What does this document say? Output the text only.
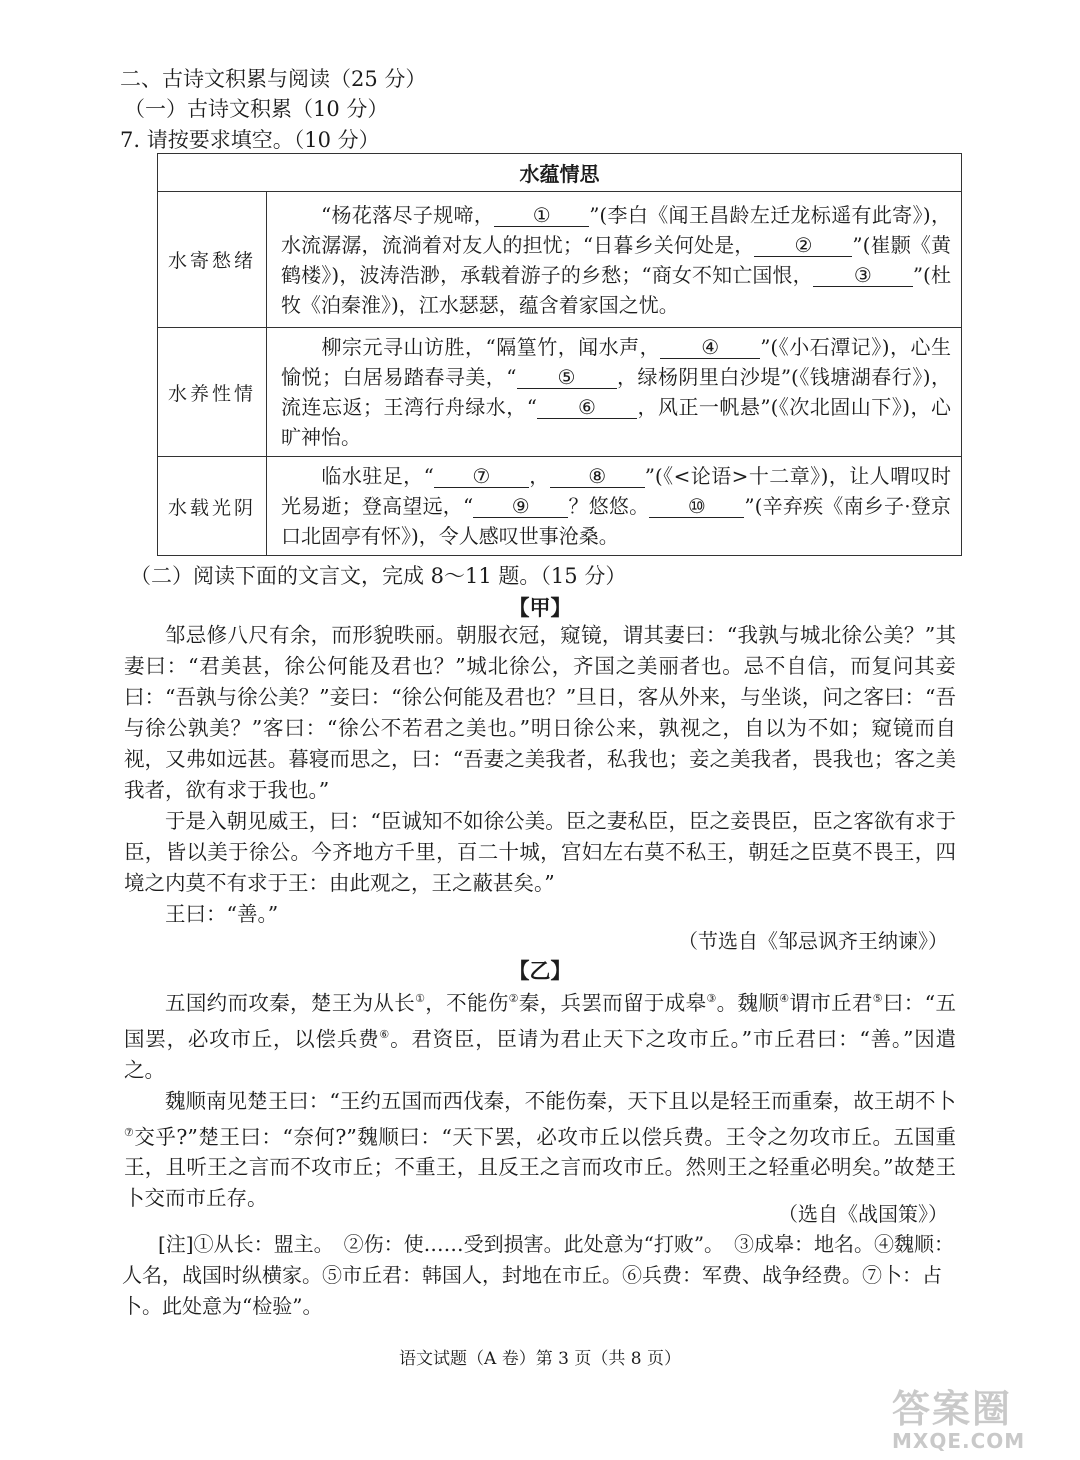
二、古诗文积累与阅读（25 分）
（一）古诗文积累（10 分）
7. 请按要求填空。（10 分）
水蕴情思	
水寄愁绪	“杨花落尽子规啼， ① ”(李白《闻王昌龄左迁龙标遥有此寄》)，水流潺潺，流淌着对友人的担忧；“日暮乡关何处是， ② ”(崔颢《黄鹤楼》)，波涛浩渺，承载着游子的乡愁；“商女不知亡国恨， ③ ”(杜牧《泊秦淮》)，江水瑟瑟，蕴含着家国之忧。
水养性情	柳宗元寻山访胜，“隔篁竹，闻水声， ④ ”(《小石潭记》)，心生愉悦；白居易踏春寻美，“ ⑤ ，绿杨阴里白沙堤”(《钱塘湖春行》)，流连忘返；王湾行舟绿水，“ ⑥ ，风正一帆悬”(《次北固山下》)，心旷神怡。
水载光阴	临水驻足，“ ⑦ ， ⑧ ”(《<论语>十二章》)，让人喟叹时光易逝；登高望远，“ ⑨ ？悠悠。 ⑩ ”(辛弃疾《南乡子·登京口北固亭有怀》)，令人感叹世事沧桑。
（二）阅读下面的文言文，完成 8～11 题。（15 分）
【甲】

邹忌修八尺有余，而形貌昳丽。朝服衣冠，窥镜，谓其妻曰：“我孰与城北徐公美？”其妻曰：“君美甚，徐公何能及君也？”城北徐公，齐国之美丽者也。忌不自信，而复问其妾曰：“吾孰与徐公美？”妾曰：“徐公何能及君也？”旦日，客从外来，与坐谈，问之客曰：“吾与徐公孰美？”客曰：“徐公不若君之美也。”明日徐公来，孰视之，自以为不如；窥镜而自视，又弗如远甚。暮寝而思之，曰：“吾妻之美我者，私我也；妾之美我者，畏我也；客之美我者，欲有求于我也。”

于是入朝见威王，曰：“臣诚知不如徐公美。臣之妻私臣，臣之妾畏臣，臣之客欲有求于臣，皆以美于徐公。今齐地方千里，百二十城，宫妇左右莫不私王，朝廷之臣莫不畏王，四境之内莫不有求于王：由此观之，王之蔽甚矣。”

王曰：“善。”

（节选自《邹忌讽齐王纳谏》）
【乙】

五国约而攻秦，楚王为从长①，不能伤②秦，兵罢而留于成皋③。魏顺④谓市丘君⑤曰：“五国罢，必攻市丘，以偿兵费⑥。君资臣，臣请为君止天下之攻市丘。”市丘君曰：“善。”因遣之。

魏顺南见楚王曰：“王约五国而西伐秦，不能伤秦，天下且以是轻王而重秦，故王胡不卜⑦交乎?”楚王曰：“奈何?”魏顺曰：“天下罢，必攻市丘以偿兵费。王令之勿攻市丘。五国重王，且听王之言而不攻市丘；不重王，且反王之言而攻市丘。然则王之轻重必明矣。”故楚王卜交而市丘存。

（选自《战国策》）

[注]①从长：盟主。　②伤：使……受到损害。此处意为“打败”。　③成皋：地名。④魏顺：人名，战国时纵横家。⑤市丘君：韩国人，封地在市丘。⑥兵费：军费、战争经费。⑦卜：占卜。此处意为“检验”。

语文试题（A 卷）第 3 页（共 8 页）
答案圈
MXQE.COM
